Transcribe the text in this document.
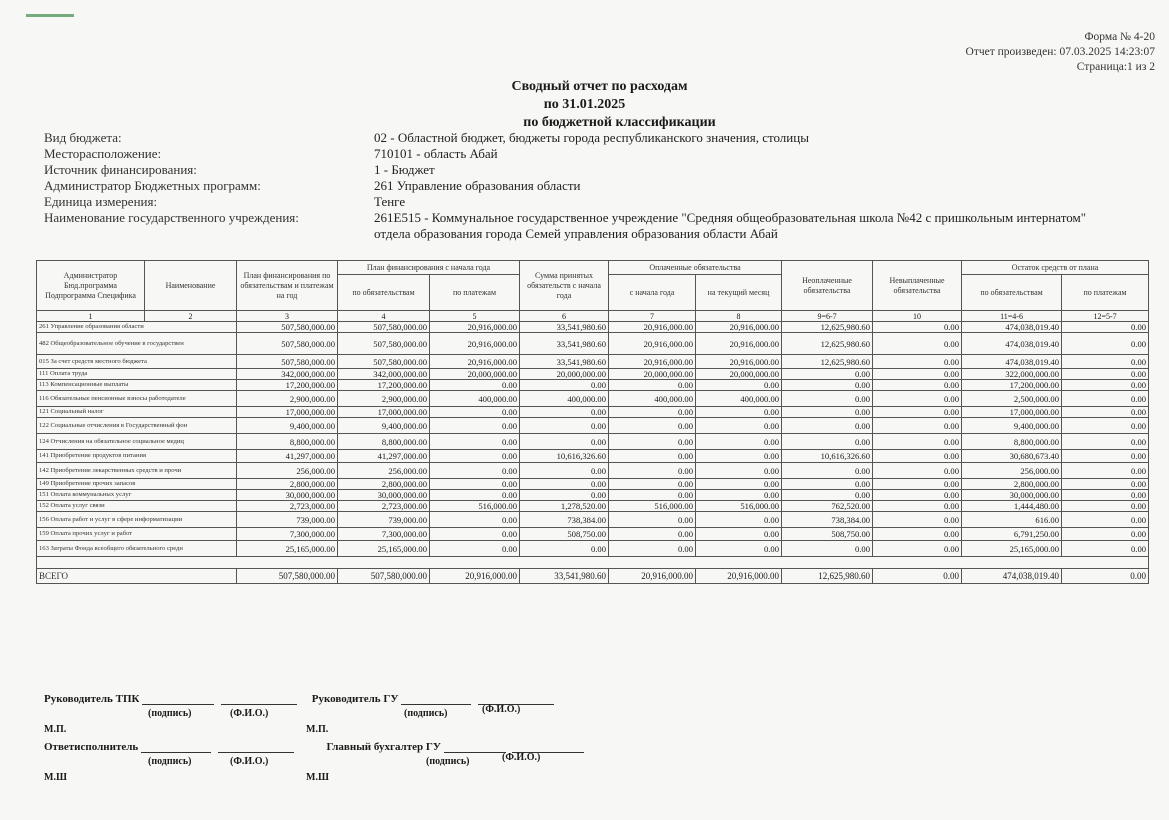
Форма № 4-20
Отчет произведен: 07.03.2025 14:23:07
Страница:1 из 2
Сводный отчет по расходам
по 31.01.2025
по бюджетной классификации
Вид бюджета:	02 - Областной бюджет, бюджеты города республиканского значения, столицы
Месторасположение:	710101 - область Абай
Источник финансирования:	1 - Бюджет
Администратор Бюджетных программ:	261 Управление образования области
Единица измерения:	Тенге
Наименование государственного учреждения:	261E515 - Коммунальное государственное учреждение "Средняя общеобразовательная школа №42 с пришкольным интернатом" отдела образования города Семей управления образования области Абай
Администратор Бюд.программа Подпрограмма Специфика	Наименование	План финансирования по обязательствам и платежам на год	План финансирования с начала года		Сумма принятых обязательств с начала года	Оплаченные обязательства		Неоплаченные обязательства	Невыплаченные обязательства	Остаток средств от плана	
			по обязательствам	по платежам		с начала года	на текущий месяц			по обязательствам	по платежам
1	2	3	4	5	6	7	8	9=6-7	10	11=4-6	12=5-7
261 Управление образования области		507,580,000.00	507,580,000.00	20,916,000.00	33,541,980.60	20,916,000.00	20,916,000.00	12,625,980.60	0.00	474,038,019.40	0.00
482 Общеобразовательное обучение в государствен		507,580,000.00	507,580,000.00	20,916,000.00	33,541,980.60	20,916,000.00	20,916,000.00	12,625,980.60	0.00	474,038,019.40	0.00
015 За счет средств местного бюджета		507,580,000.00	507,580,000.00	20,916,000.00	33,541,980.60	20,916,000.00	20,916,000.00	12,625,980.60	0.00	474,038,019.40	0.00
111 Оплата труда		342,000,000.00	342,000,000.00	20,000,000.00	20,000,000.00	20,000,000.00	20,000,000.00	0.00	0.00	322,000,000.00	0.00
113 Компенсационные выплаты		17,200,000.00	17,200,000.00	0.00	0.00	0.00	0.00	0.00	0.00	17,200,000.00	0.00
116 Обязательные пенсионные взносы работодателе		2,900,000.00	2,900,000.00	400,000.00	400,000.00	400,000.00	400,000.00	0.00	0.00	2,500,000.00	0.00
121 Социальный налог		17,000,000.00	17,000,000.00	0.00	0.00	0.00	0.00	0.00	0.00	17,000,000.00	0.00
122 Социальные отчисления в Государственный фон		9,400,000.00	9,400,000.00	0.00	0.00	0.00	0.00	0.00	0.00	9,400,000.00	0.00
124 Отчисления на обязательное социальное медиц		8,800,000.00	8,800,000.00	0.00	0.00	0.00	0.00	0.00	0.00	8,800,000.00	0.00
141 Приобретение продуктов питания		41,297,000.00	41,297,000.00	0.00	10,616,326.60	0.00	0.00	10,616,326.60	0.00	30,680,673.40	0.00
142 Приобретение лекарственных средств и прочи		256,000.00	256,000.00	0.00	0.00	0.00	0.00	0.00	0.00	256,000.00	0.00
149 Приобретение прочих запасов		2,800,000.00	2,800,000.00	0.00	0.00	0.00	0.00	0.00	0.00	2,800,000.00	0.00
151 Оплата коммунальных услуг		30,000,000.00	30,000,000.00	0.00	0.00	0.00	0.00	0.00	0.00	30,000,000.00	0.00
152 Оплата услуг связи		2,723,000.00	2,723,000.00	516,000.00	1,278,520.00	516,000.00	516,000.00	762,520.00	0.00	1,444,480.00	0.00
156 Оплата работ и услуг в сфере информатизации		739,000.00	739,000.00	0.00	738,384.00	0.00	0.00	738,384.00	0.00	616.00	0.00
159 Оплата прочих услуг и работ		7,300,000.00	7,300,000.00	0.00	508,750.00	0.00	0.00	508,750.00	0.00	6,791,250.00	0.00
163 Затраты Фонда всеобщего обязательного средн		25,165,000.00	25,165,000.00	0.00	0.00	0.00	0.00	0.00	0.00	25,165,000.00	0.00

ВСЕГО		507,580,000.00	507,580,000.00	20,916,000.00	33,541,980.60	20,916,000.00	20,916,000.00	12,625,980.60	0.00	474,038,019.40	0.00
Руководитель ТПК	Руководитель ГУ
(подпись)	(Ф.И.О.)	(подпись)	(Ф.И.О.)
М.П.	М.П.
Ответисполнитель	Главный бухгалтер ГУ
(подпись)	(Ф.И.О.)	(подпись)	(Ф.И.О.)
М.Ш	М.Ш
